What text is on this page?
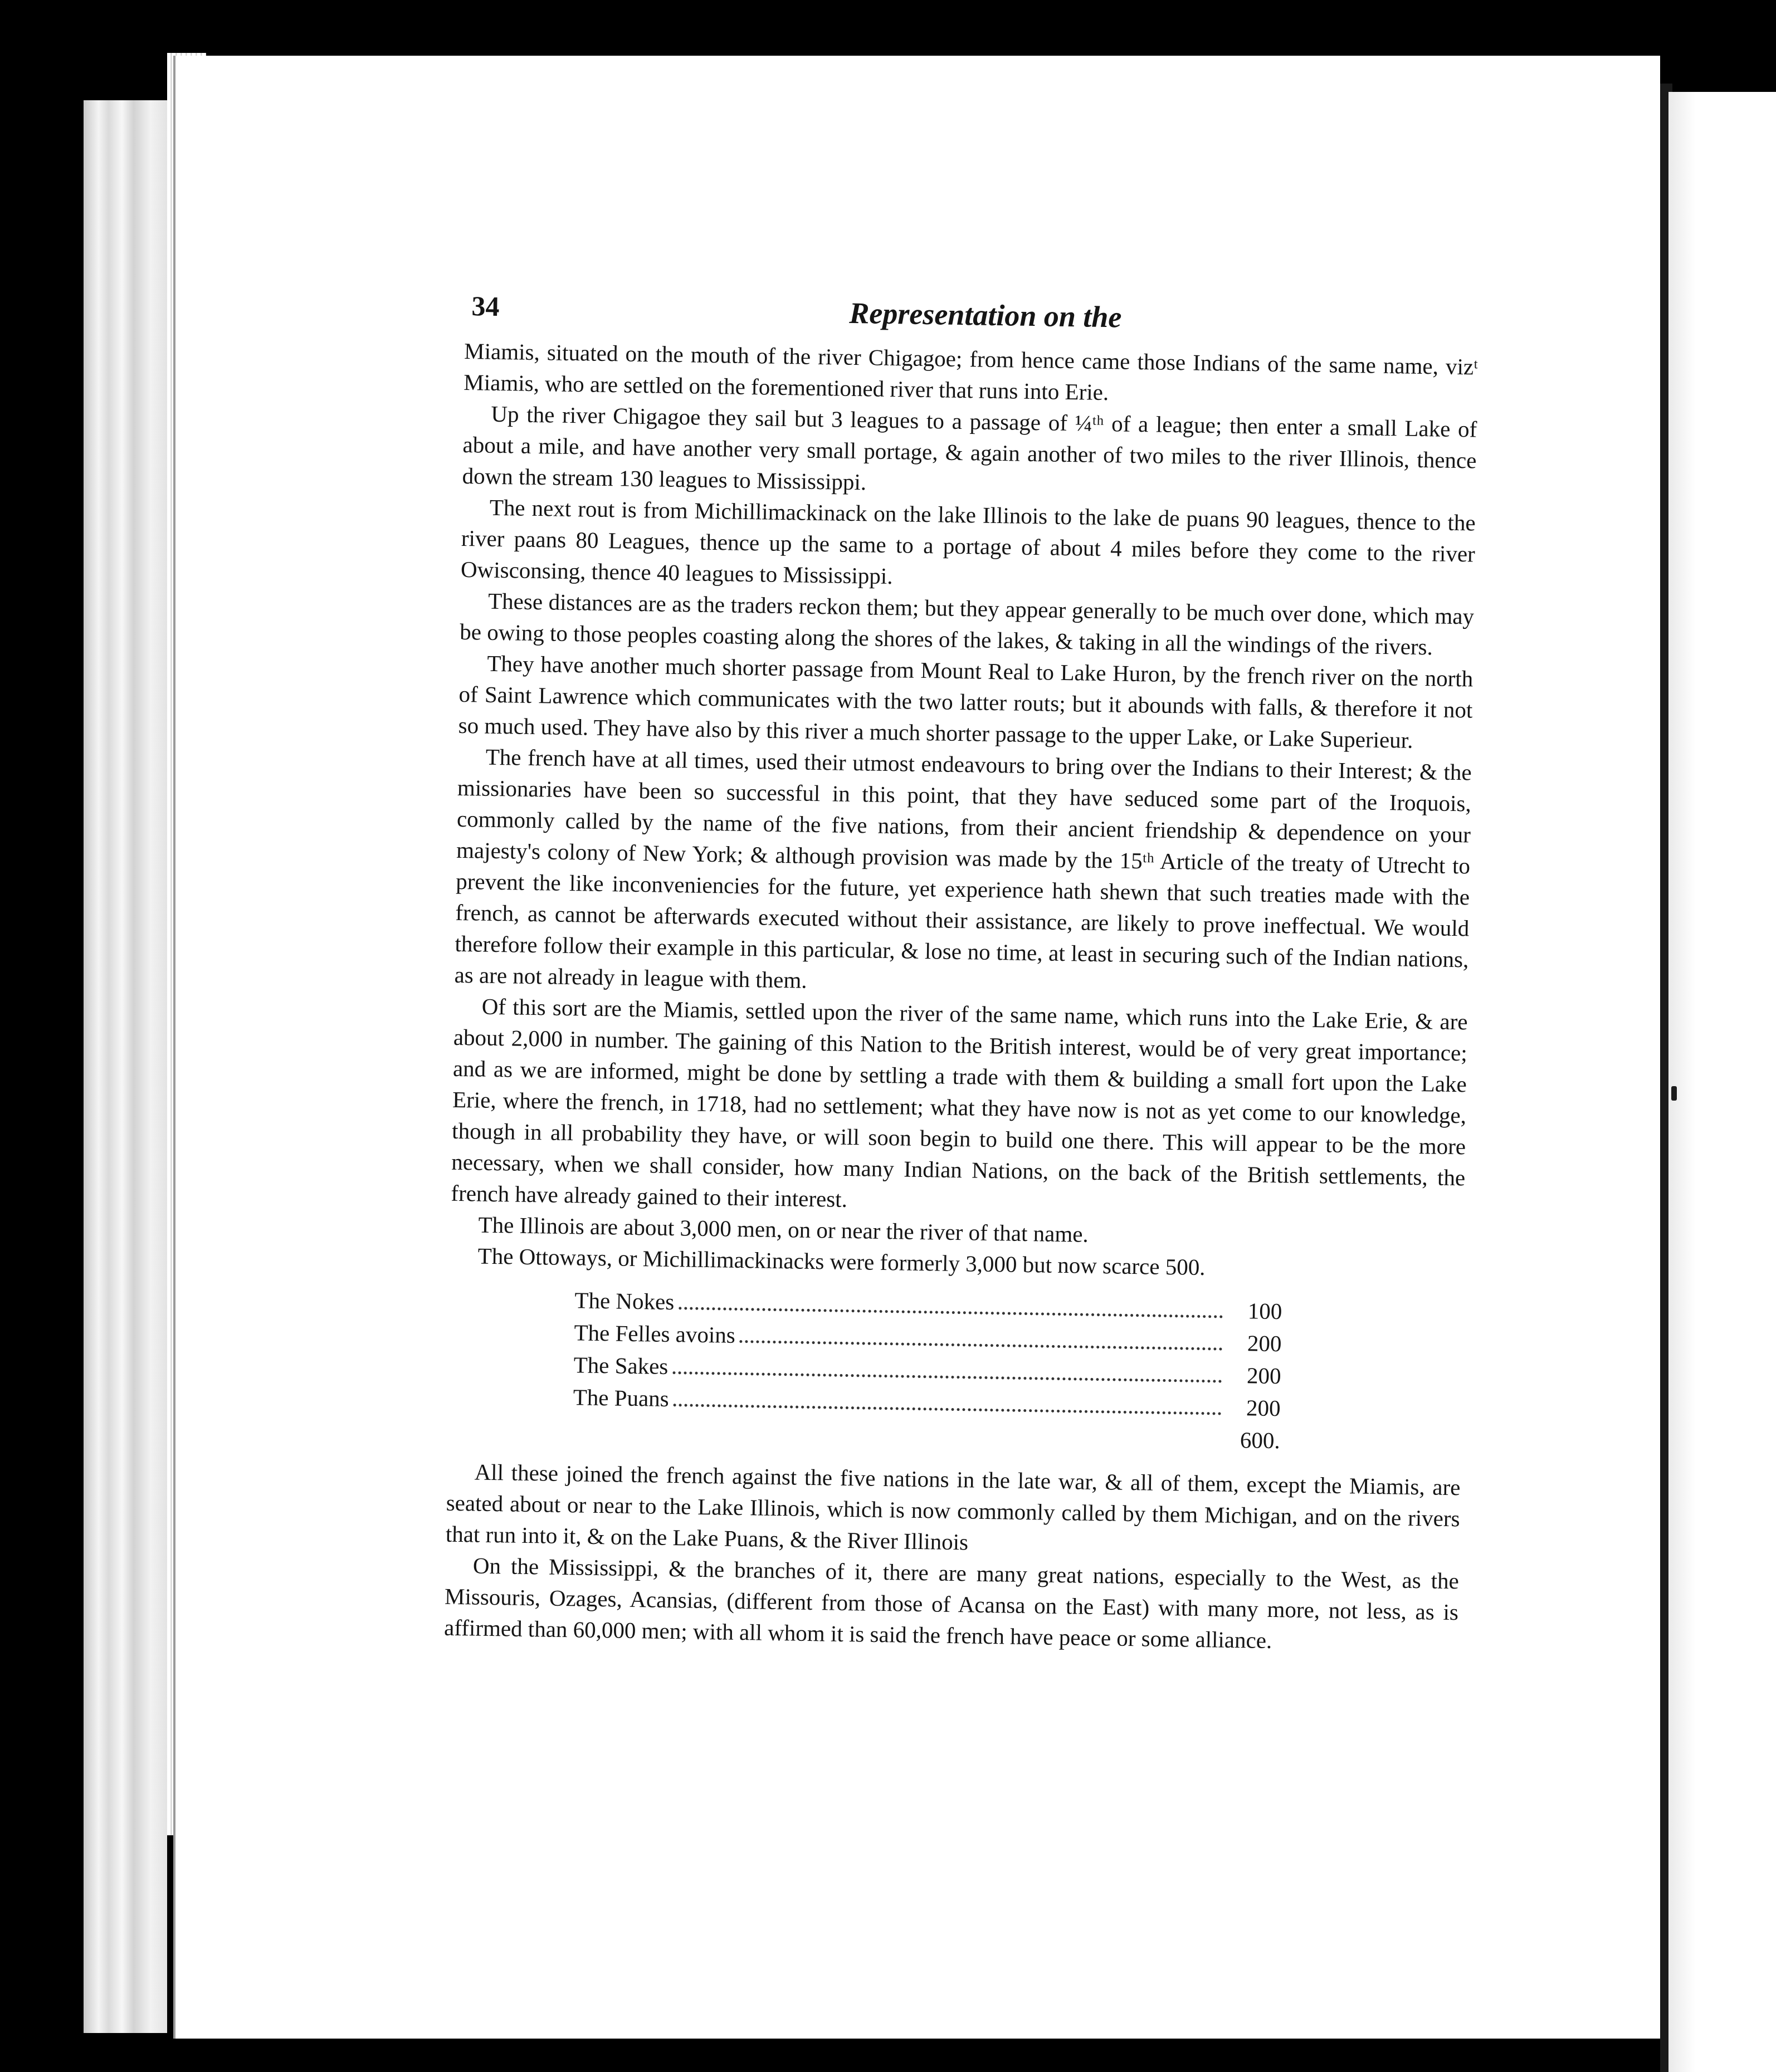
34	Representation on the

Miamis, situated on the mouth of the river Chigagoe; from hence came those Indians of the same name, vizᵗ Miamis, who are settled on the forementioned river that runs into Erie.

Up the river Chigagoe they sail but 3 leagues to a passage of ¼ᵗʰ of a league; then enter a small Lake of about a mile, and have another very small portage, & again another of two miles to the river Illinois, thence down the stream 130 leagues to Mississippi.

The next rout is from Michillimackinack on the lake Illinois to the lake de puans 90 leagues, thence to the river paans 80 Leagues, thence up the same to a portage of about 4 miles before they come to the river Owisconsing, thence 40 leagues to Mississippi.

These distances are as the traders reckon them; but they appear generally to be much over done, which may be owing to those peoples coasting along the shores of the lakes, & taking in all the windings of the rivers.

They have another much shorter passage from Mount Real to Lake Huron, by the french river on the north of Saint Lawrence which communicates with the two latter routs; but it abounds with falls, & therefore it not so much used. They have also by this river a much shorter passage to the upper Lake, or Lake Superieur.

The french have at all times, used their utmost endeavours to bring over the Indians to their Interest; & the missionaries have been so successful in this point, that they have seduced some part of the Iroquois, commonly called by the name of the five nations, from their ancient friendship & dependence on your majesty's colony of New York; & although provision was made by the 15ᵗʰ Article of the treaty of Utrecht to prevent the like inconveniencies for the future, yet experience hath shewn that such treaties made with the french, as cannot be afterwards executed without their assistance, are likely to prove ineffectual. We would therefore follow their example in this particular, & lose no time, at least in securing such of the Indian nations, as are not already in league with them.

Of this sort are the Miamis, settled upon the river of the same name, which runs into the Lake Erie, & are about 2,000 in number. The gaining of this Nation to the British interest, would be of very great importance; and as we are informed, might be done by settling a trade with them & building a small fort upon the Lake Erie, where the french, in 1718, had no settlement; what they have now is not as yet come to our knowledge, though in all probability they have, or will soon begin to build one there. This will appear to be the more necessary, when we shall consider, how many Indian Nations, on the back of the British settlements, the french have already gained to their interest.

The Illinois are about 3,000 men, on or near the river of that name.

The Ottoways, or Michillimackinacks were formerly 3,000 but now scarce 500.

The Nokes	100
The Felles avoins	200
The Sakes	200
The Puans	200
600.

All these joined the french against the five nations in the late war, & all of them, except the Miamis, are seated about or near to the Lake Illinois, which is now commonly called by them Michigan, and on the rivers that run into it, & on the Lake Puans, & the River Illinois

On the Mississippi, & the branches of it, there are many great nations, especially to the West, as the Missouris, Ozages, Acansias, (different from those of Acansa on the East) with many more, not less, as is affirmed than 60,000 men; with all whom it is said the french have peace or some alliance.
